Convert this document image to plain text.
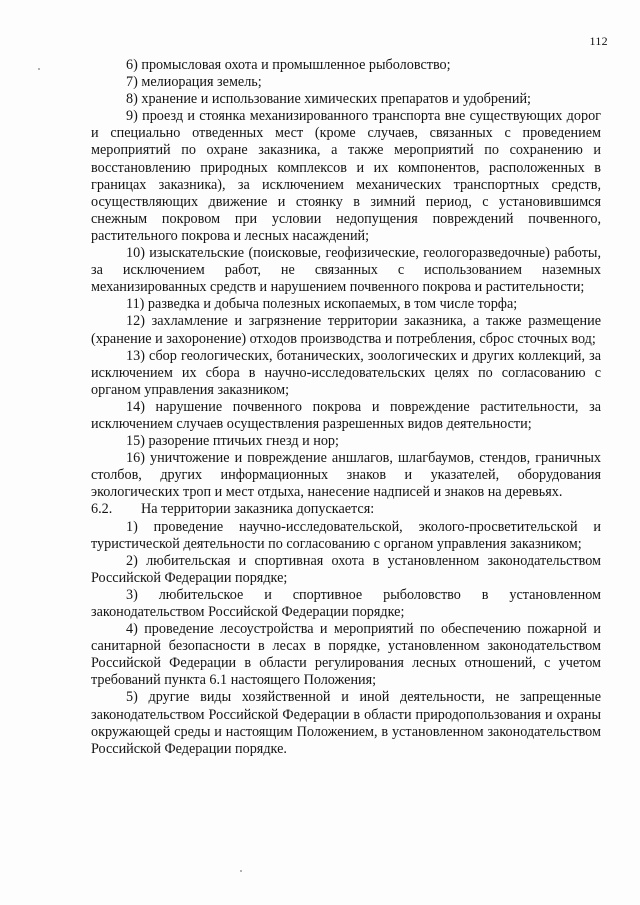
112

6) промысловая охота и промышленное рыболовство;

7) мелиорация земель;

8) хранение и использование химических препаратов и удобрений;

9) проезд и стоянка механизированного транспорта вне существующих дорог и специально отведенных мест (кроме случаев, связанных с проведением мероприятий по охране заказника, а также мероприятий по сохранению и восстановлению природных комплексов и их компонентов, расположенных в границах заказника), за исключением механических транспортных средств, осуществляющих движение и стоянку в зимний период, с установившимся снежным покровом при условии недопущения повреждений почвенного, растительного покрова и лесных насаждений;

10) изыскательские (поисковые, геофизические, геологоразведочные) работы, за исключением работ, не связанных с использованием наземных механизированных средств и нарушением почвенного покрова и растительности;

11) разведка и добыча полезных ископаемых, в том числе торфа;

12) захламление и загрязнение территории заказника, а также размещение (хранение и захоронение) отходов производства и потребления, сброс сточных вод;

13) сбор геологических, ботанических, зоологических и других коллекций, за исключением их сбора в научно-исследовательских целях по согласованию с органом управления заказником;

14) нарушение почвенного покрова и повреждение растительности, за исключением случаев осуществления разрешенных видов деятельности;

15) разорение птичьих гнезд и нор;

16) уничтожение и повреждение аншлагов, шлагбаумов, стендов, граничных столбов, других информационных знаков и указателей, оборудования экологических троп и мест отдыха, нанесение надписей и знаков на деревьях.

6.2. На территории заказника допускается:

1) проведение научно-исследовательской, эколого-просветительской и туристической деятельности по согласованию с органом управления заказником;

2) любительская и спортивная охота в установленном законодательством Российской Федерации порядке;

3) любительское и спортивное рыболовство в установленном законодательством Российской Федерации порядке;

4) проведение лесоустройства и мероприятий по обеспечению пожарной и санитарной безопасности в лесах в порядке, установленном законодательством Российской Федерации в области регулирования лесных отношений, с учетом требований пункта 6.1 настоящего Положения;

5) другие виды хозяйственной и иной деятельности, не запрещенные законодательством Российской Федерации в области природопользования и охраны окружающей среды и настоящим Положением, в установленном законодательством Российской Федерации порядке.
